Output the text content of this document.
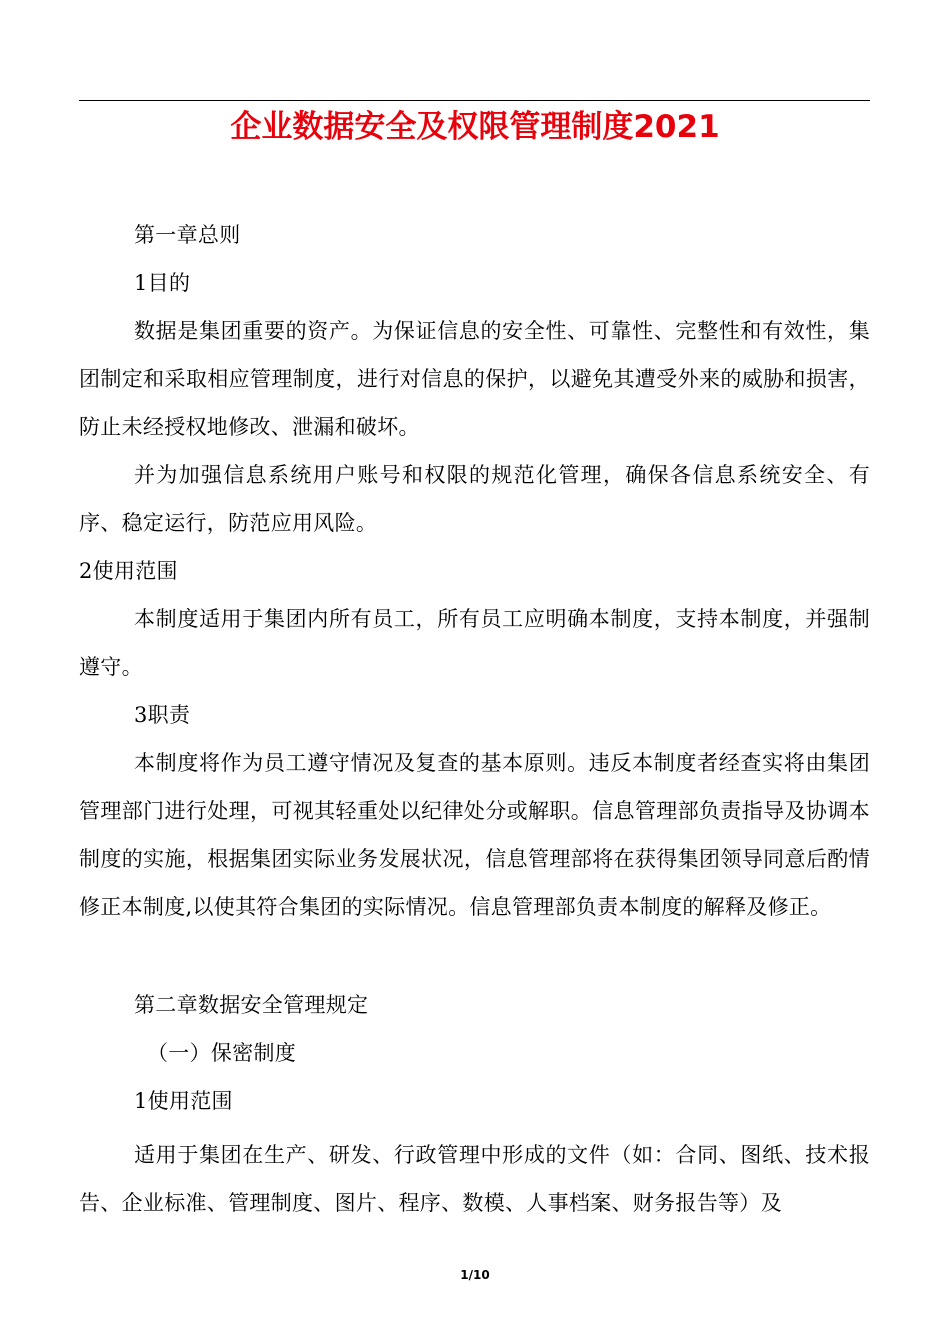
企业数据安全及权限管理制度2021

第一章总则

1目的

数据是集团重要的资产。为保证信息的安全性、可靠性、完整性和有效性，集团制定和采取相应管理制度，进行对信息的保护，以避免其遭受外来的威胁和损害，防止未经授权地修改、泄漏和破坏。

并为加强信息系统用户账号和权限的规范化管理，确保各信息系统安全、有序、稳定运行，防范应用风险。

2使用范围

本制度适用于集团内所有员工，所有员工应明确本制度，支持本制度，并强制遵守。

3职责

本制度将作为员工遵守情况及复查的基本原则。违反本制度者经查实将由集团管理部门进行处理，可视其轻重处以纪律处分或解职。信息管理部负责指导及协调本制度的实施，根据集团实际业务发展状况，信息管理部将在获得集团领导同意后酌情修正本制度,以使其符合集团的实际情况。信息管理部负责本制度的解释及修正。

第二章数据安全管理规定

（一）保密制度

1使用范围

适用于集团在生产、研发、行政管理中形成的文件（如：合同、图纸、技术报告、企业标准、管理制度、图片、程序、数模、人事档案、财务报告等）及

1/10
